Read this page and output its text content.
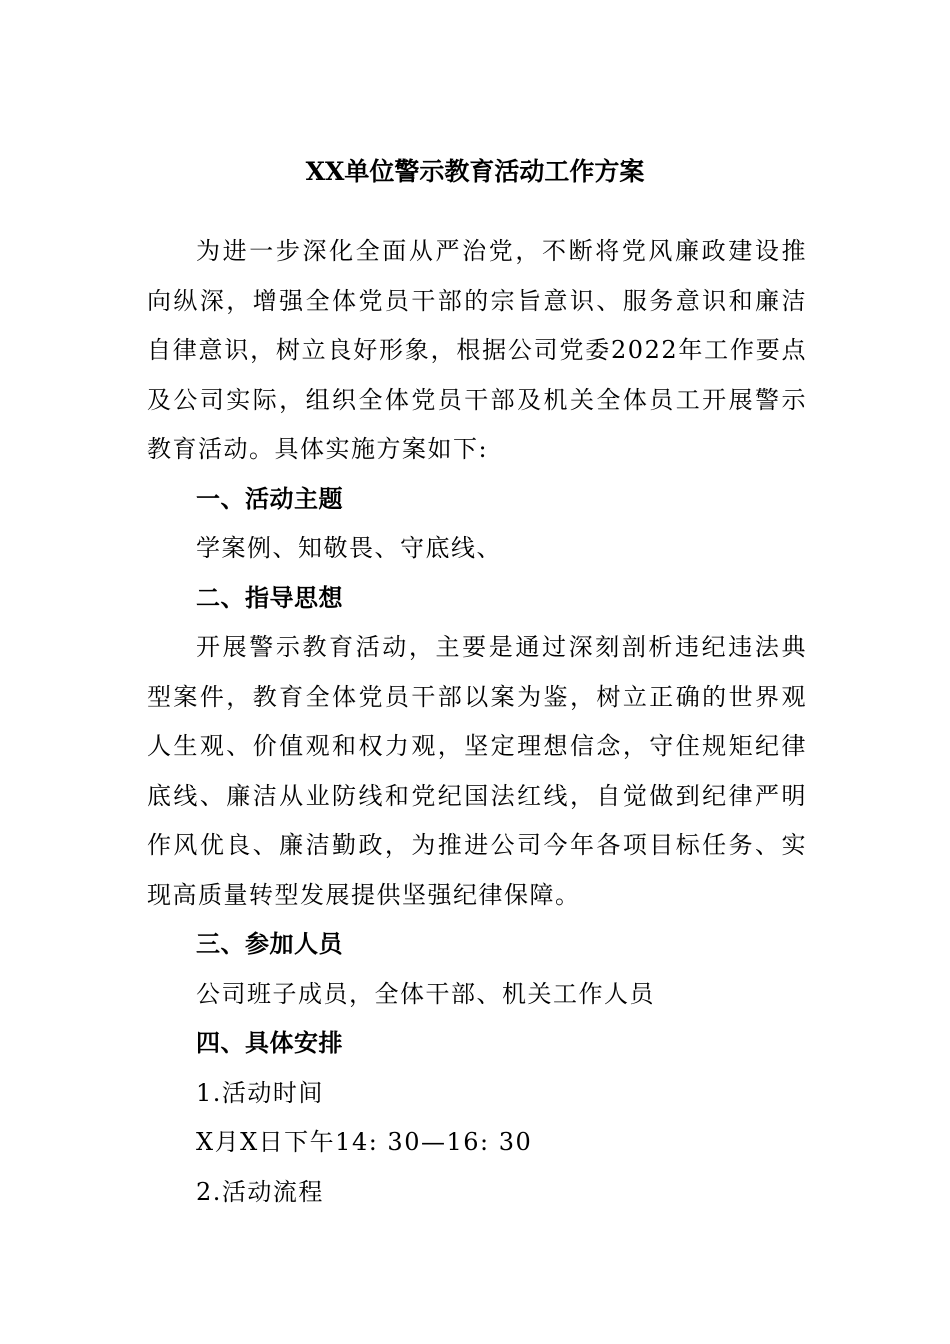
XX单位警示教育活动工作方案

为进一步深化全面从严治党，不断将党风廉政建设推向纵深，增强全体党员干部的宗旨意识、服务意识和廉洁自律意识，树立良好形象，根据公司党委2022年工作要点及公司实际，组织全体党员干部及机关全体员工开展警示教育活动。具体实施方案如下:

一、活动主题

学案例、知敬畏、守底线、

二、指导思想

开展警示教育活动，主要是通过深刻剖析违纪违法典型案件，教育全体党员干部以案为鉴，树立正确的世界观人生观、价值观和权力观，坚定理想信念，守住规矩纪律底线、廉洁从业防线和党纪国法红线，自觉做到纪律严明作风优良、廉洁勤政，为推进公司今年各项目标任务、实现高质量转型发展提供坚强纪律保障。

三、参加人员

公司班子成员，全体干部、机关工作人员

四、具体安排

1.活动时间

X月X日下午14: 30—16: 30

2.活动流程
